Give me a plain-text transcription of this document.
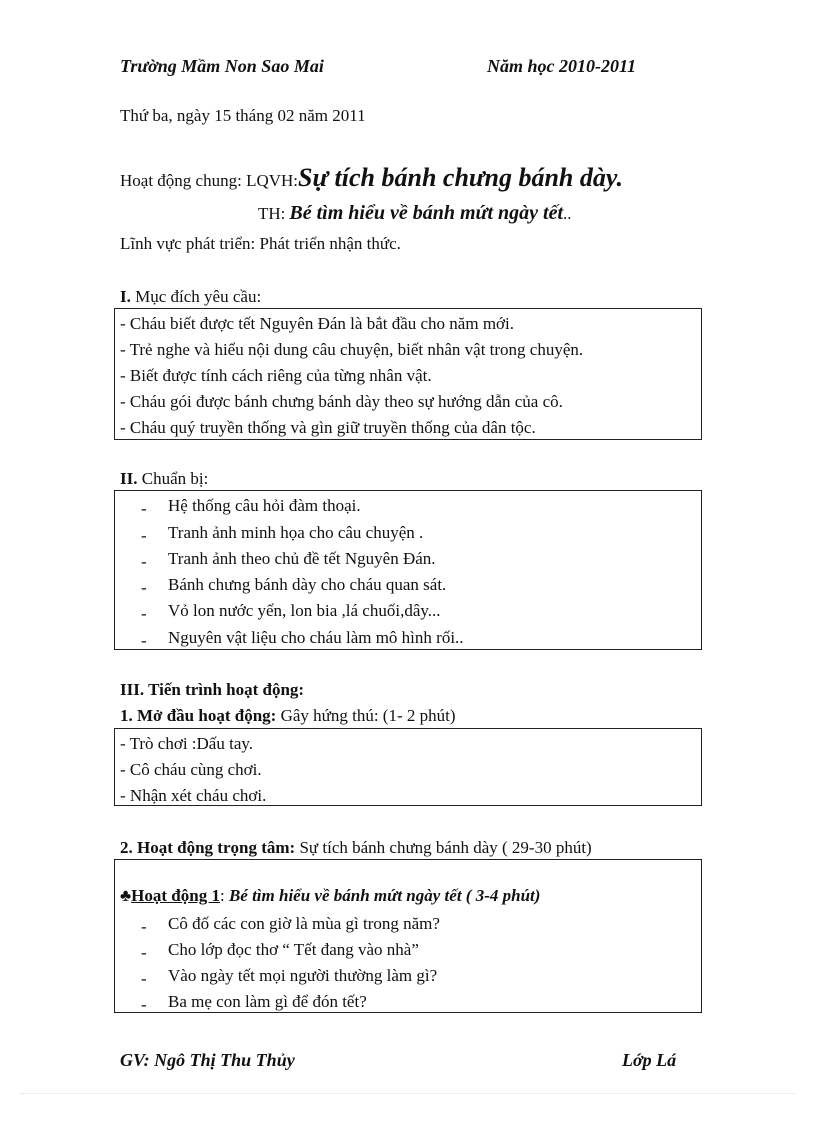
Trường Mầm Non Sao Mai	Năm học 2010-2011
Thứ ba, ngày 15 tháng 02 năm 2011
Hoạt động chung: LQVH:Sự tích bánh chưng bánh dày.
TH: Bé tìm hiểu về bánh mứt ngày tết..
Lĩnh vực phát triển: Phát triển nhận thức.
I. Mục đích yêu cầu:
- Cháu biết được tết Nguyên Đán là bắt đầu cho năm mới.
- Trẻ nghe và hiểu nội dung câu chuyện, biết nhân vật trong chuyện.
- Biết được tính cách riêng của từng nhân vật.
- Cháu gói được bánh chưng bánh dày theo sự hướng dẫn của cô.
- Cháu quý truyền thống và gìn giữ truyền thống của dân tộc.
II. Chuẩn bị:
- Hệ thống câu hỏi đàm thoại.
- Tranh ảnh minh họa cho câu chuyện .
- Tranh ảnh theo chủ đề tết Nguyên Đán.
- Bánh chưng bánh dày cho cháu quan sát.
- Vỏ lon nước yến, lon bia ,lá chuối,dây...
- Nguyên vật liệu cho cháu làm mô hình rối..
III. Tiến trình hoạt động:
1. Mở đầu hoạt động: Gây hứng thú: (1- 2 phút)
- Trò chơi :Dấu tay.
- Cô cháu cùng chơi.
- Nhận xét cháu chơi.
2. Hoạt động trọng tâm: Sự tích bánh chưng bánh dày ( 29-30 phút)
♣Hoạt động 1: Bé tìm hiểu về bánh mứt ngày tết ( 3-4 phút)
- Cô đố các con giờ là mùa gì trong năm?
- Cho lớp đọc thơ “ Tết đang vào nhà”
- Vào ngày tết mọi người thường làm gì?
- Ba mẹ con làm gì để đón tết?
GV: Ngô Thị Thu Thủy	Lớp Lá
